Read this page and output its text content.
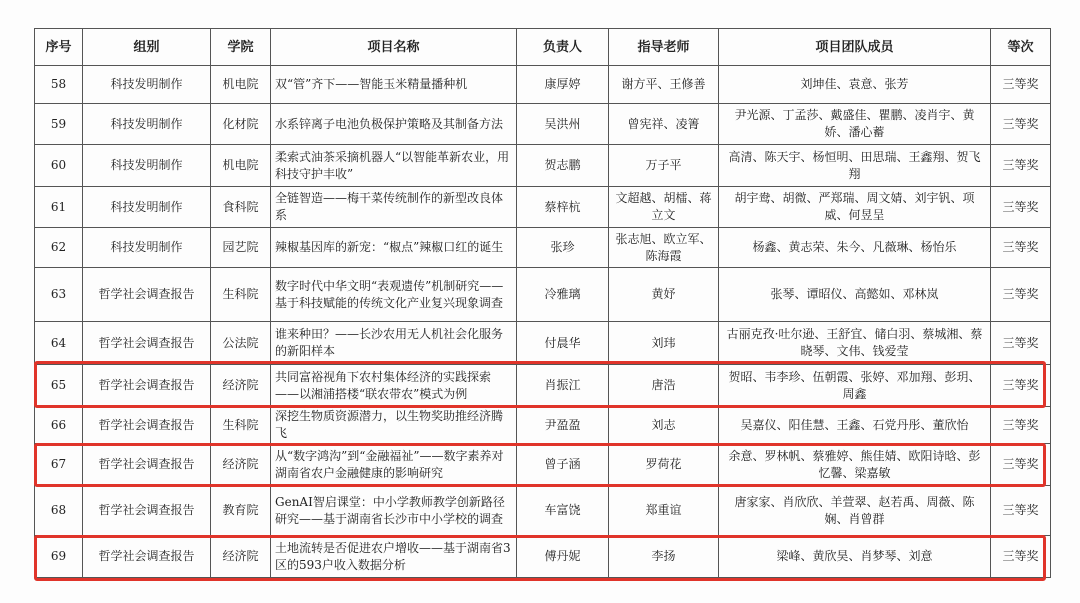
序号	组别	学院	项目名称	负责人	指导老师	项目团队成员	等次
58	科技发明制作	机电院	双“管”齐下——智能玉米精量播种机	康厚婷	谢方平、王修善	刘坤佳、袁意、张芳	三等奖
59	科技发明制作	化材院	水系锌离子电池负极保护策略及其制备方法	吴洪州	曾宪祥、凌箐	尹光源、丁孟莎、戴盛佳、瞿鹏、凌肖宇、黄娇、潘心蓄	三等奖
60	科技发明制作	机电院	柔索式油茶采摘机器人“以智能革新农业，用科技守护丰收”	贺志鹏	万子平	高清、陈天宇、杨恒明、田思瑞、王鑫翔、贺飞翔	三等奖
61	科技发明制作	食科院	全链智造——梅干菜传统制作的新型改良体系	蔡梓杭	文超越、胡檑、蒋立文	胡宇鸯、胡微、严郑瑞、周文婧、刘宇钒、项威、何昱呈	三等奖
62	科技发明制作	园艺院	辣椒基因库的新宠：“椒点”辣椒口红的诞生	张珍	张志旭、欧立军、陈海霞	杨鑫、黄志荣、朱今、凡薇琳、杨怡乐	三等奖
63	哲学社会调查报告	生科院	数字时代中华文明“表观遗传”机制研究——基于科技赋能的传统文化产业复兴现象调查	冷雅璃	黄妤	张琴、谭昭仪、高懿如、邓林岚	三等奖
64	哲学社会调查报告	公法院	谁来种田？——长沙农用无人机社会化服务的新阳样本	付晨华	刘玮	古丽克孜·吐尔逊、王舒宜、储白羽、蔡城湘、蔡晓琴、文伟、钱爱莹	三等奖
65	哲学社会调查报告	经济院	共同富裕视角下农村集体经济的实践探索——以湘浦搭楼“联农带农”模式为例	肖振江	唐浩	贺昭、韦李珍、伍朝霞、张婷、邓加翔、彭玥、周鑫	三等奖
66	哲学社会调查报告	生科院	深挖生物质资源潜力，以生物奖助推经济腾飞	尹盈盈	刘志	吴嘉仪、阳佳慧、王鑫、石党丹彤、董欣怡	三等奖
67	哲学社会调查报告	经济院	从“数字鸿沟”到“金融福祉”——数字素养对湖南省农户金融健康的影响研究	曾子涵	罗荷花	余意、罗林帆、蔡雅婷、熊佳婧、欧阳诗晗、彭忆馨、梁嘉敏	三等奖
68	哲学社会调查报告	教育院	GenAI智启课堂：中小学教师教学创新路径研究——基于湖南省长沙市中小学校的调查	车富饶	郑重谊	唐家家、肖欣欣、羊萱翠、赵若禹、周薇、陈娴、肖曾群	三等奖
69	哲学社会调查报告	经济院	土地流转是否促进农户增收——基于湖南省3区的593户收入数据分析	傅丹妮	李扬	梁峰、黄欣昊、肖梦琴、刘意	三等奖
